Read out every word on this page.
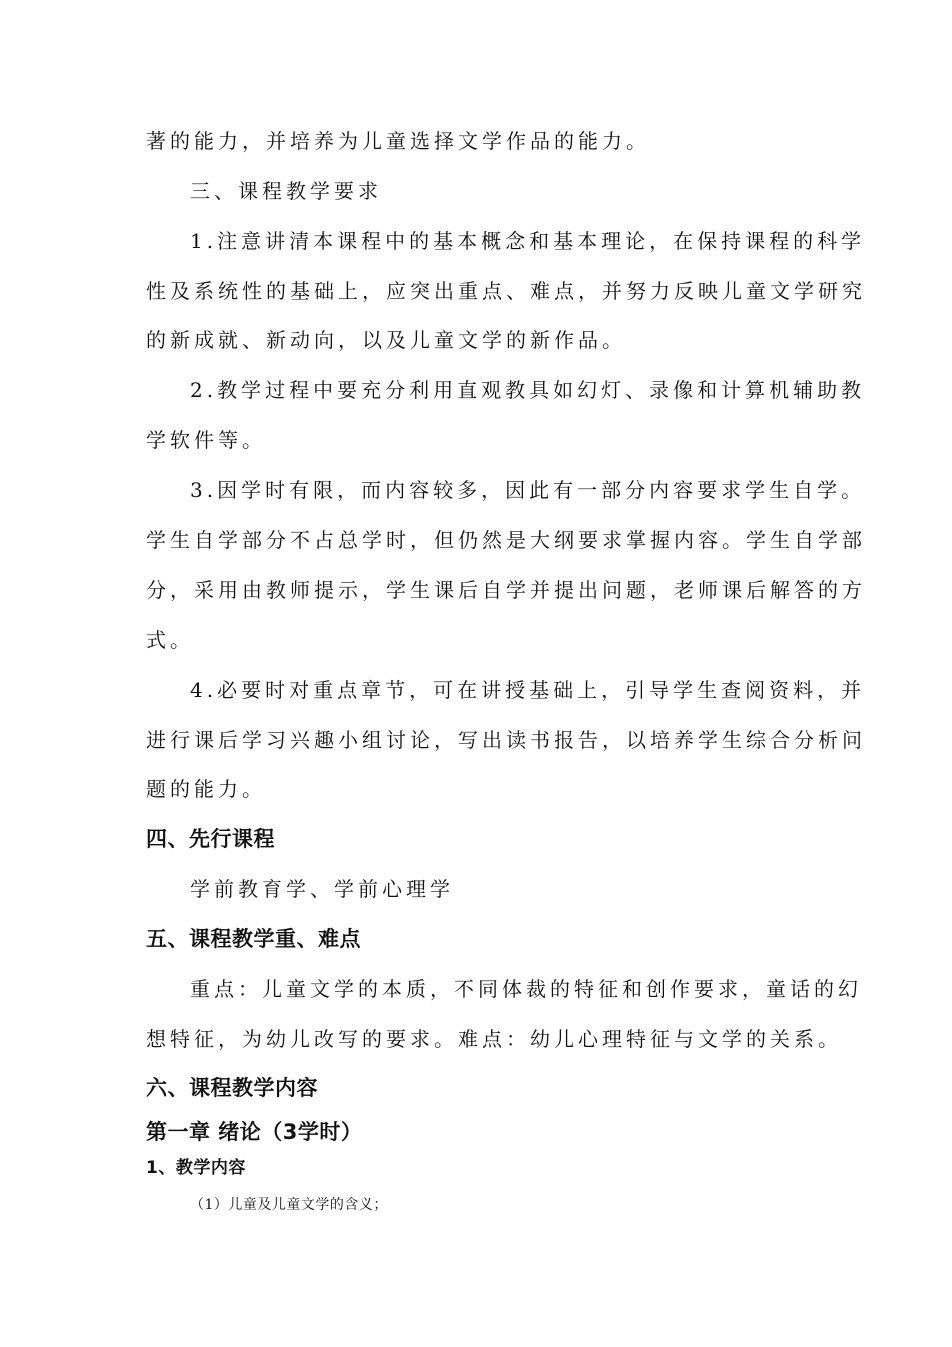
著的能力，并培养为儿童选择文学作品的能力。
三、课程教学要求
1.注意讲清本课程中的基本概念和基本理论，在保持课程的科学
性及系统性的基础上，应突出重点、难点，并努力反映儿童文学研究
的新成就、新动向，以及儿童文学的新作品。
2.教学过程中要充分利用直观教具如幻灯、录像和计算机辅助教
学软件等。
3.因学时有限，而内容较多，因此有一部分内容要求学生自学。
学生自学部分不占总学时，但仍然是大纲要求掌握内容。学生自学部
分，采用由教师提示，学生课后自学并提出问题，老师课后解答的方
式。
4.必要时对重点章节，可在讲授基础上，引导学生查阅资料，并
进行课后学习兴趣小组讨论，写出读书报告，以培养学生综合分析问
题的能力。
四、先行课程
学前教育学、学前心理学
五、课程教学重、难点
重点：儿童文学的本质，不同体裁的特征和创作要求，童话的幻
想特征，为幼儿改写的要求。难点：幼儿心理特征与文学的关系。
六、课程教学内容
第一章 绪论（3学时）
1、教学内容
（1）儿童及儿童文学的含义；
